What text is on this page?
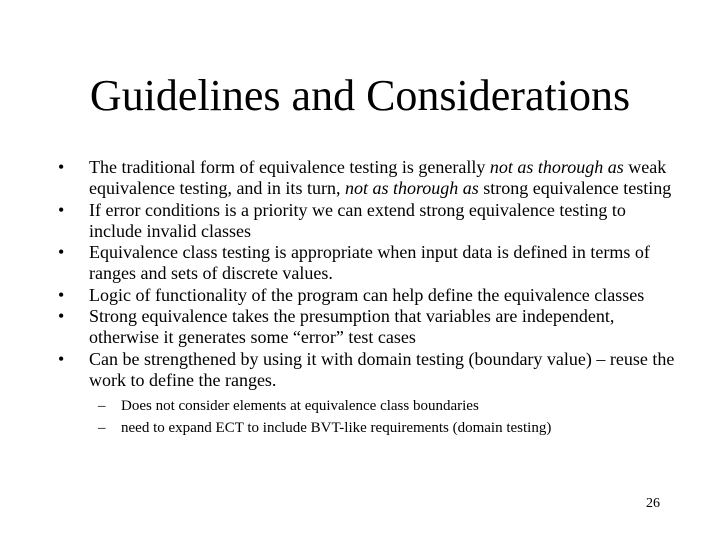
Guidelines and Considerations
• The traditional form of equivalence testing is generally not as thorough as weak equivalence testing, and in its turn, not as thorough as strong equivalence testing
• If error conditions is a priority we can extend strong equivalence testing to include invalid classes
• Equivalence class testing is appropriate when input data is defined in terms of ranges and sets of discrete values.
• Logic of functionality of the program can help define the equivalence classes
• Strong equivalence takes the presumption that variables are independent, otherwise it generates some “error” test cases
• Can be strengthened by using it with domain testing (boundary value) – reuse the work to define the ranges.
– Does not consider elements at equivalence class boundaries
– need to expand ECT to include BVT-like requirements (domain testing)
26
